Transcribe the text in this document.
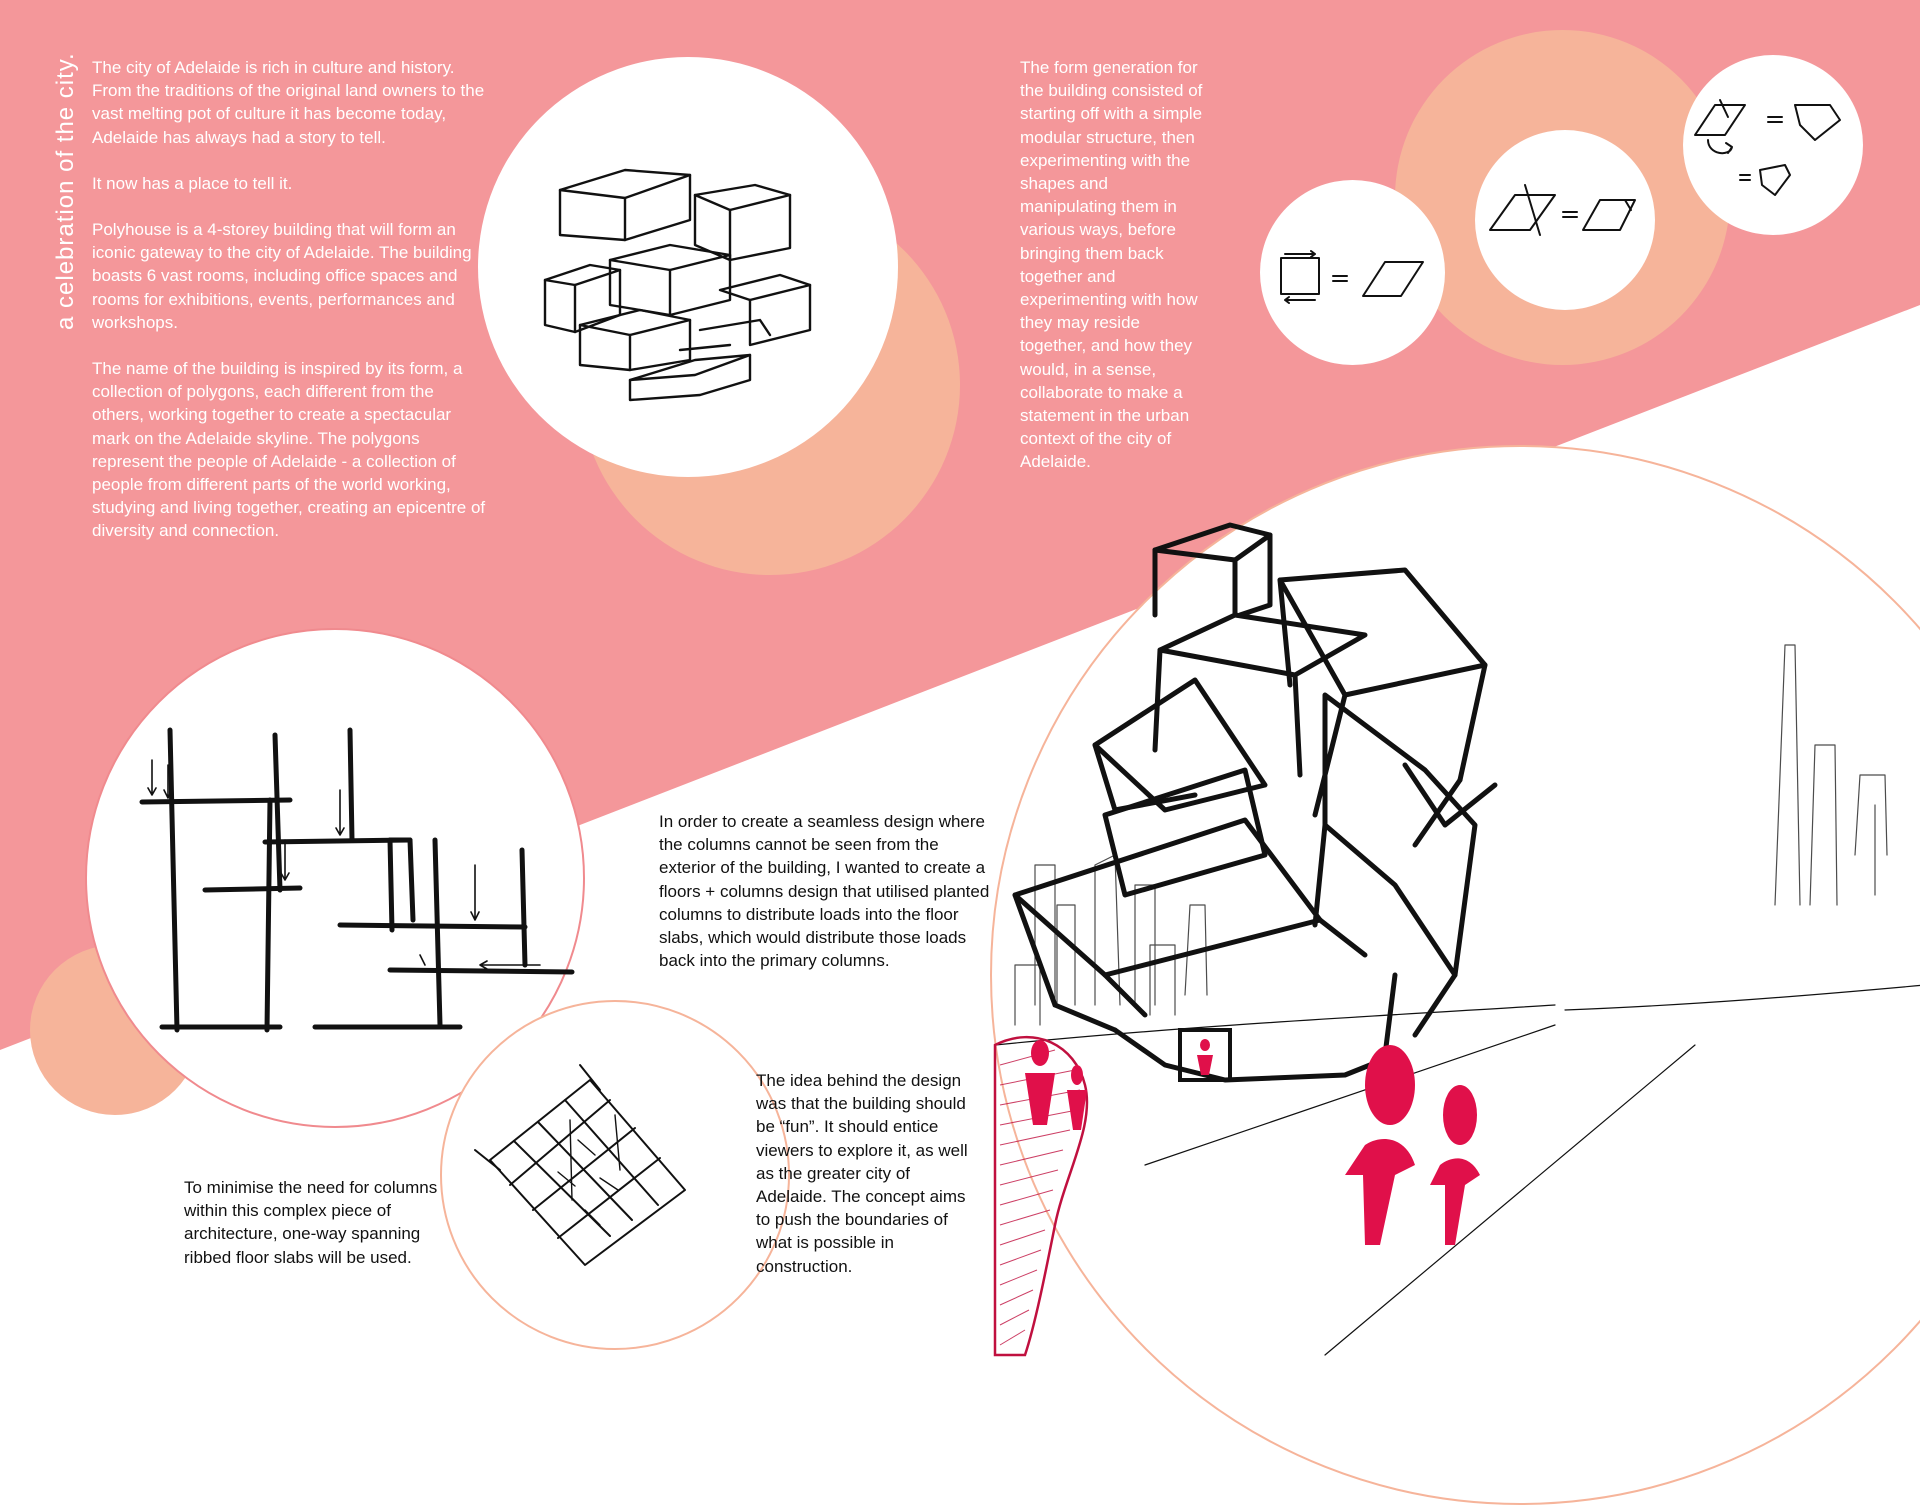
a celebration of the city. The city of Adelaide is rich in culture and history. From the traditions of the original land owners to the vast melting pot of culture it has become today, Adelaide has always had a story to tell.

It now has a place to tell it.

Polyhouse is a 4-storey building that will form an iconic gateway to the city of Adelaide. The building boasts 6 vast rooms, including office spaces and rooms for exhibitions, events, performances and workshops.

The name of the building is inspired by its form, a collection of polygons, each different from the others, working together to create a spectacular mark on the Adelaide skyline. The polygons represent the people of Adelaide - a collection of people from different parts of the world working, studying and living together, creating an epicentre of diversity and connection.

The form generation for the building consisted of starting off with a simple modular structure, then experimenting with the shapes and manipulating them in various ways, before bringing them back together and experimenting with how they may reside together, and how they would, in a sense, collaborate to make a statement in the urban context of the city of Adelaide.
In order to create a seamless design where the columns cannot be seen from the exterior of the building, I wanted to create a floors + columns design that utilised planted columns to distribute loads into the floor slabs, which would distribute those loads back into the primary columns.
To minimise the need for columns within this complex piece of architecture, one-way spanning ribbed floor slabs will be used.
The idea behind the design was that the building should be “fun”. It should entice viewers to explore it, as well as the greater city of Adelaide. The concept aims to push the boundaries of what is possible in construction.
